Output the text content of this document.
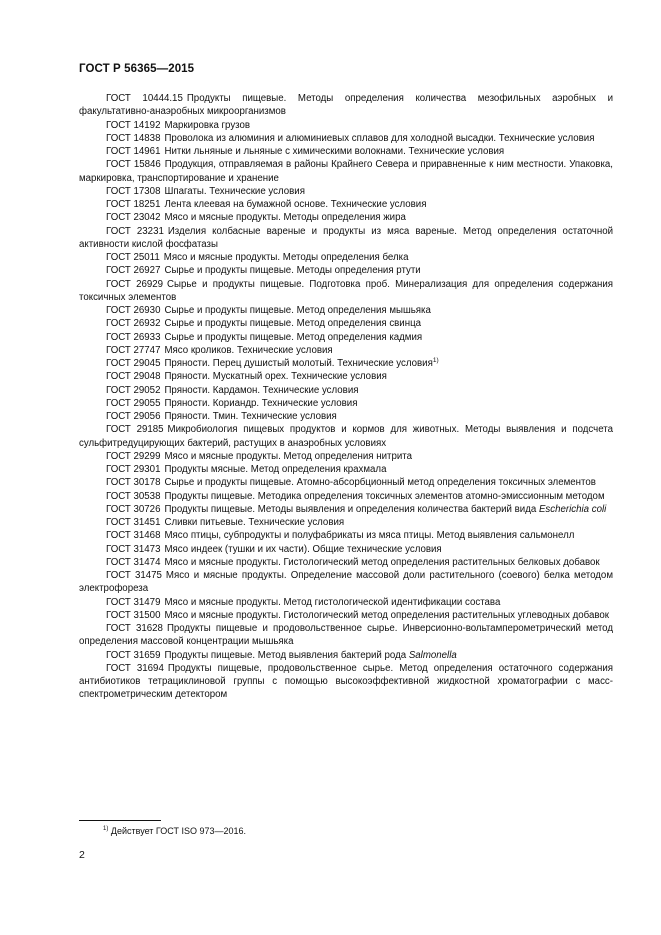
ГОСТ Р 56365—2015

ГОСТ 10444.15 Продукты пищевые. Методы определения количества мезофильных аэробных и факультативно-анаэробных микроорганизмов

ГОСТ 14192 Маркировка грузов

ГОСТ 14838 Проволока из алюминия и алюминиевых сплавов для холодной высадки. Технические условия

ГОСТ 14961 Нитки льняные и льняные с химическими волокнами. Технические условия

ГОСТ 15846 Продукция, отправляемая в районы Крайнего Севера и приравненные к ним местности. Упаковка, маркировка, транспортирование и хранение

ГОСТ 17308 Шпагаты. Технические условия

ГОСТ 18251 Лента клеевая на бумажной основе. Технические условия

ГОСТ 23042 Мясо и мясные продукты. Методы определения жира

ГОСТ 23231 Изделия колбасные вареные и продукты из мяса вареные. Метод определения остаточной активности кислой фосфатазы

ГОСТ 25011 Мясо и мясные продукты. Методы определения белка

ГОСТ 26927 Сырье и продукты пищевые. Методы определения ртути

ГОСТ 26929 Сырье и продукты пищевые. Подготовка проб. Минерализация для определения содержания токсичных элементов

ГОСТ 26930 Сырье и продукты пищевые. Метод определения мышьяка

ГОСТ 26932 Сырье и продукты пищевые. Метод определения свинца

ГОСТ 26933 Сырье и продукты пищевые. Метод определения кадмия

ГОСТ 27747 Мясо кроликов. Технические условия

ГОСТ 29045 Пряности. Перец душистый молотый. Технические условия$^{1)}$

ГОСТ 29048 Пряности. Мускатный орех. Технические условия

ГОСТ 29052 Пряности. Кардамон. Технические условия

ГОСТ 29055 Пряности. Кориандр. Технические условия

ГОСТ 29056 Пряности. Тмин. Технические условия

ГОСТ 29185 Микробиология пищевых продуктов и кормов для животных. Методы выявления и подсчета сульфитредуцирующих бактерий, растущих в анаэробных условиях

ГОСТ 29299 Мясо и мясные продукты. Метод определения нитрита

ГОСТ 29301 Продукты мясные. Метод определения крахмала

ГОСТ 30178 Сырье и продукты пищевые. Атомно-абсорбционный метод определения токсичных элементов

ГОСТ 30538 Продукты пищевые. Методика определения токсичных элементов атомно-эмиссионным методом

ГОСТ 30726 Продукты пищевые. Методы выявления и определения количества бактерий вида Escherichia coli

ГОСТ 31451 Сливки питьевые. Технические условия

ГОСТ 31468 Мясо птицы, субпродукты и полуфабрикаты из мяса птицы. Метод выявления сальмонелл

ГОСТ 31473 Мясо индеек (тушки и их части). Общие технические условия

ГОСТ 31474 Мясо и мясные продукты. Гистологический метод определения растительных белковых добавок

ГОСТ 31475 Мясо и мясные продукты. Определение массовой доли растительного (соевого) белка методом электрофореза

ГОСТ 31479 Мясо и мясные продукты. Метод гистологической идентификации состава

ГОСТ 31500 Мясо и мясные продукты. Гистологический метод определения растительных углеводных добавок

ГОСТ 31628 Продукты пищевые и продовольственное сырье. Инверсионно-вольтамперометрический метод определения массовой концентрации мышьяка

ГОСТ 31659 Продукты пищевые. Метод выявления бактерий рода Salmonella

ГОСТ 31694 Продукты пищевые, продовольственное сырье. Метод определения остаточного содержания антибиотиков тетрациклиновой группы с помощью высокоэффективной жидкостной хроматографии с масс-спектрометрическим детектором

$^{1)}$ Действует ГОСТ ISO 973—2016.
2
